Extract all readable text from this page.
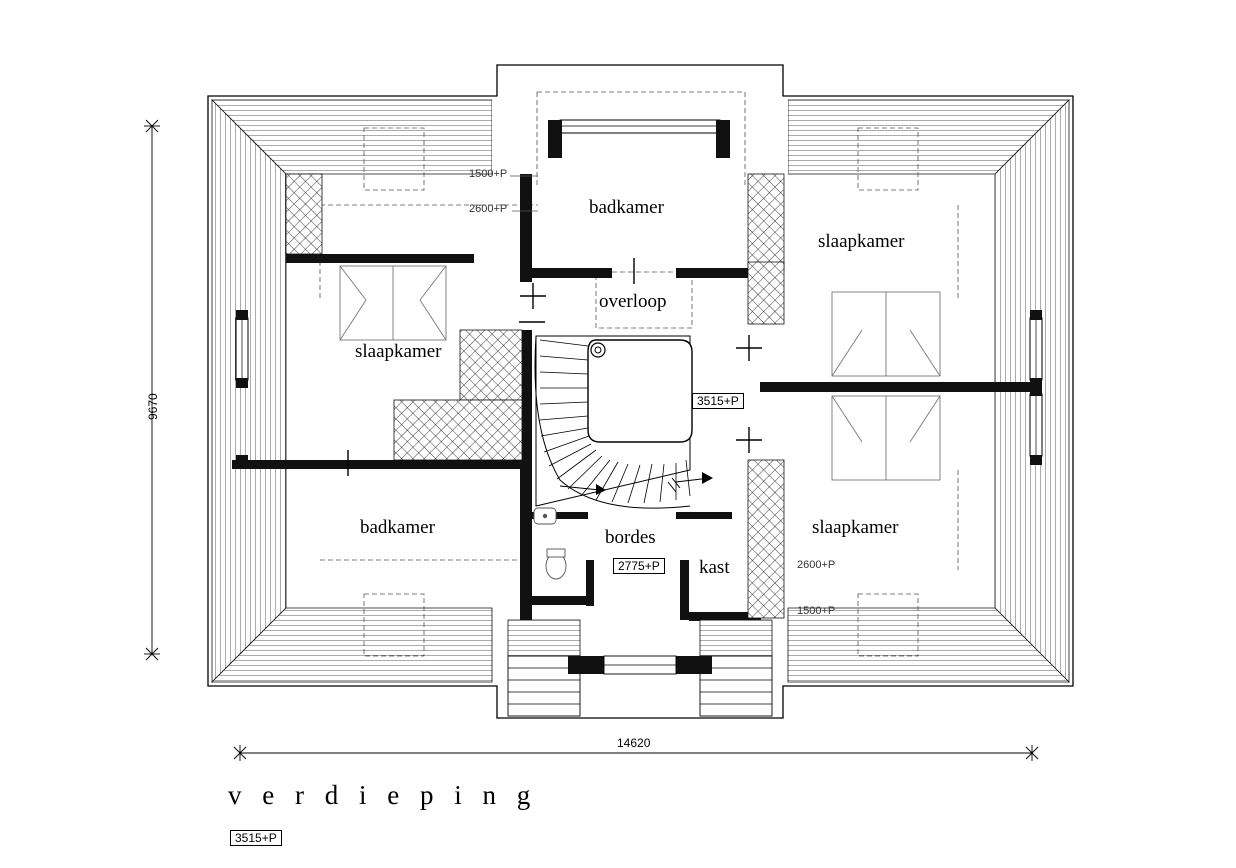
badkamer
slaapkamer
overloop
slaapkamer
badkamer	slaapkamer
bordes
kast
1500+P
2600+P
3515+P
2775+P	2600+P
1500+P
9670
14620
v e r d i e p i n g
3515+P
